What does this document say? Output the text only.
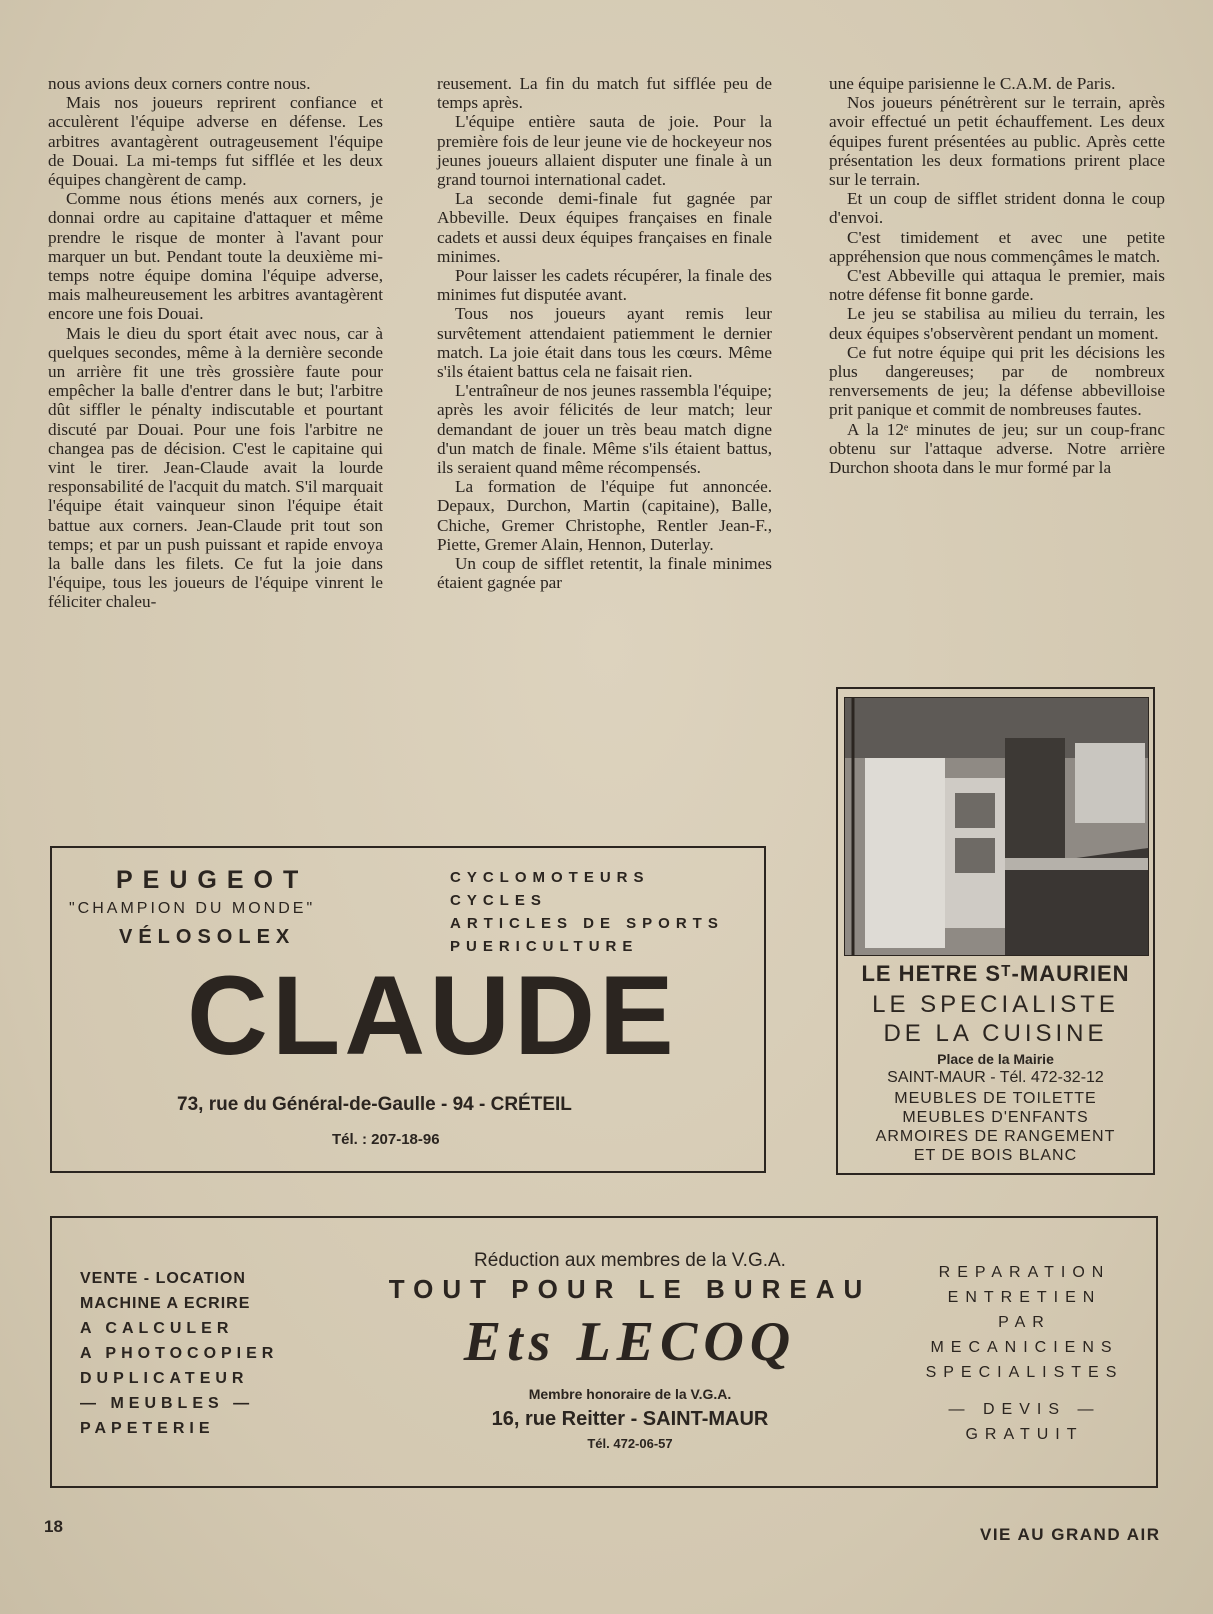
nous avions deux corners contre nous.

Mais nos joueurs reprirent confiance et acculèrent l'équipe adverse en défense. Les arbitres avantagèrent outrageusement l'équipe de Douai. La mi-temps fut sifflée et les deux équipes changèrent de camp.

Comme nous étions menés aux corners, je donnai ordre au capitaine d'attaquer et même prendre le risque de monter à l'avant pour marquer un but. Pendant toute la deuxième mi-temps notre équipe domina l'équipe adverse, mais malheureusement les arbitres avantagèrent encore une fois Douai.

Mais le dieu du sport était avec nous, car à quelques secondes, même à la dernière seconde un arrière fit une très grossière faute pour empêcher la balle d'entrer dans le but; l'arbitre dût siffler le pénalty indiscutable et pourtant discuté par Douai. Pour une fois l'arbitre ne changea pas de décision. C'est le capitaine qui vint le tirer. Jean-Claude avait la lourde responsabilité de l'acquit du match. S'il marquait l'équipe était vainqueur sinon l'équipe était battue aux corners. Jean-Claude prit tout son temps; et par un push puissant et rapide envoya la balle dans les filets. Ce fut la joie dans l'équipe, tous les joueurs de l'équipe vinrent le féliciter chaleu-

reusement. La fin du match fut sifflée peu de temps après.

L'équipe entière sauta de joie. Pour la première fois de leur jeune vie de hockeyeur nos jeunes joueurs allaient disputer une finale à un grand tournoi international cadet.

La seconde demi-finale fut gagnée par Abbeville. Deux équipes françaises en finale cadets et aussi deux équipes françaises en finale minimes.

Pour laisser les cadets récupérer, la finale des minimes fut disputée avant.

Tous nos joueurs ayant remis leur survêtement attendaient patiemment le dernier match. La joie était dans tous les cœurs. Même s'ils étaient battus cela ne faisait rien.

L'entraîneur de nos jeunes rassembla l'équipe; après les avoir félicités de leur match; leur demandant de jouer un très beau match digne d'un match de finale. Même s'ils étaient battus, ils seraient quand même récompensés.

La formation de l'équipe fut annoncée. Depaux, Durchon, Martin (capitaine), Balle, Chiche, Gremer Christophe, Rentler Jean-F., Piette, Gremer Alain, Hennon, Duterlay.

Un coup de sifflet retentit, la finale minimes étaient gagnée par

une équipe parisienne le C.A.M. de Paris.

Nos joueurs pénétrèrent sur le terrain, après avoir effectué un petit échauffement. Les deux équipes furent présentées au public. Après cette présentation les deux formations prirent place sur le terrain.

Et un coup de sifflet strident donna le coup d'envoi.

C'est timidement et avec une petite appréhension que nous commençâmes le match.

C'est Abbeville qui attaqua le premier, mais notre défense fit bonne garde.

Le jeu se stabilisa au milieu du terrain, les deux équipes s'observèrent pendant un moment.

Ce fut notre équipe qui prit les décisions les plus dangereuses; par de nombreux renversements de jeu; la défense abbevilloise prit panique et commit de nombreuses fautes.

A la 12ᵉ minutes de jeu; sur un coup-franc obtenu sur l'attaque adverse. Notre arrière Durchon shoota dans le mur formé par la

PEUGEOT
"CHAMPION DU MONDE"
VÉLOSOLEX
CYCLOMOTEURS
CYCLES
ARTICLES DE SPORTS
PUERICULTURE
CLAUDE
73, rue du Général-de-Gaulle - 94 - CRÉTEIL
Tél. : 207-18-96
LE HETRE Sᵀ-MAURIEN
LE SPECIALISTE
DE LA CUISINE
Place de la Mairie
SAINT-MAUR - Tél. 472-32-12
MEUBLES DE TOILETTE
MEUBLES D'ENFANTS
ARMOIRES DE RANGEMENT
ET DE BOIS BLANC
VENTE - LOCATION
MACHINE A ECRIRE
A CALCULER
A PHOTOCOPIER
DUPLICATEUR
— MEUBLES —
PAPETERIE
Réduction aux membres de la V.G.A.
TOUT POUR LE BUREAU
Ets LECOQ
Membre honoraire de la V.G.A.
16, rue Reitter - SAINT-MAUR
Tél. 472-06-57
REPARATION
ENTRETIEN
PAR
MECANICIENS
SPECIALISTES
— DEVIS —
GRATUIT
18	VIE AU GRAND AIR
